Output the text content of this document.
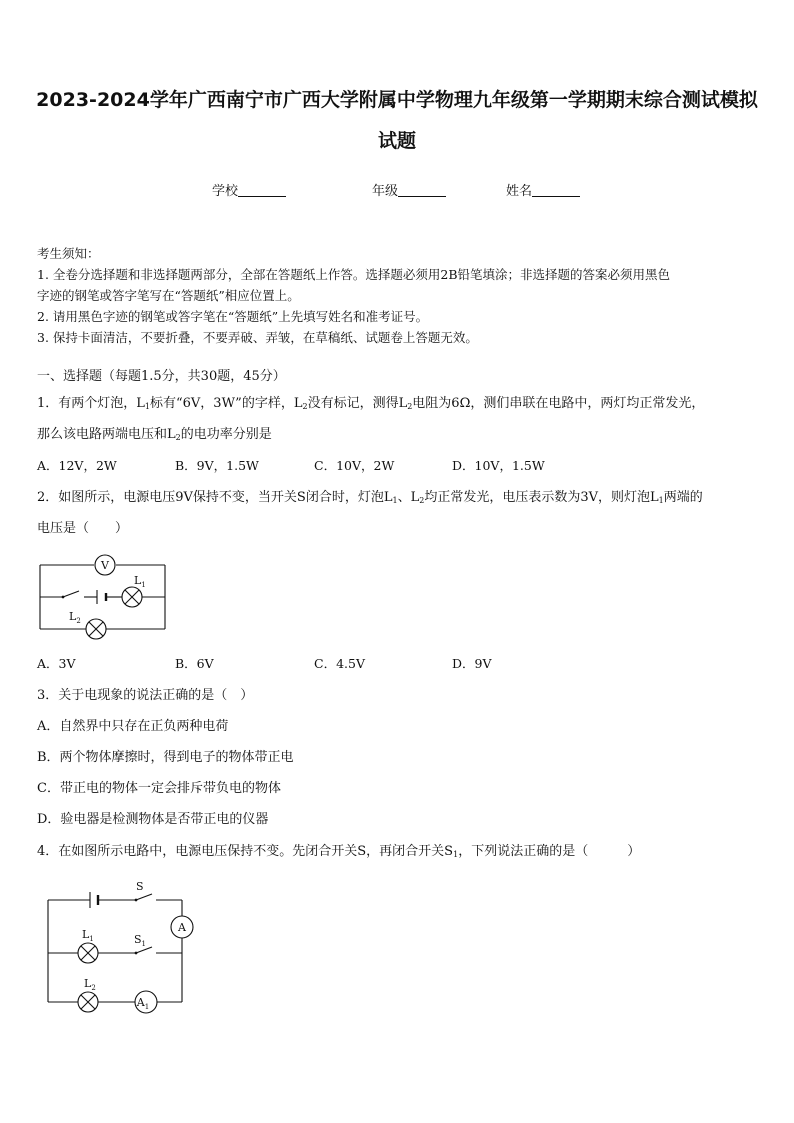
2023-2024学年广西南宁市广西大学附属中学物理九年级第一学期期末综合测试模拟
试题
学校	年级	姓名
考生须知：
1. 全卷分选择题和非选择题两部分，全部在答题纸上作答。选择题必须用2B铅笔填涂；非选择题的答案必须用黑色
字迹的钢笔或答字笔写在“答题纸”相应位置上。
2. 请用黑色字迹的钢笔或答字笔在“答题纸”上先填写姓名和准考证号。
3. 保持卡面清洁，不要折叠，不要弄破、弄皱，在草稿纸、试题卷上答题无效。
一、选择题（每题1.5分，共30题，45分）
1．有两个灯泡，$L_1$标有“6V，3W”的字样，$L_2$没有标记，测得$L_2$电阻为6Ω，测们串联在电路中，两灯均正常发光，
那么该电路两端电压和$L_2$的电功率分别是
A．12V，2W	B．9V，1.5W	C．10V，2W	D．10V，1.5W
2．如图所示，电源电压9V保持不变，当开关S闭合时，灯泡$L_1$、$L_2$均正常发光，电压表示数为3V，则灯泡$L_1$两端的
电压是（　　）
V
$L_1$
$L_2$
A．3V	B．6V	C．4.5V	D．9V
3．关于电现象的说法正确的是（　）
A．自然界中只存在正负两种电荷
B．两个物体摩擦时，得到电子的物体带正电
C．带正电的物体一定会排斥带负电的物体
D．验电器是检测物体是否带正电的仪器
4．在如图所示电路中，电源电压保持不变。先闭合开关S，再闭合开关$S_1$，下列说法正确的是（　　　）
S
$S_1$
A
$L_1$
$L_2$
$A_1$
